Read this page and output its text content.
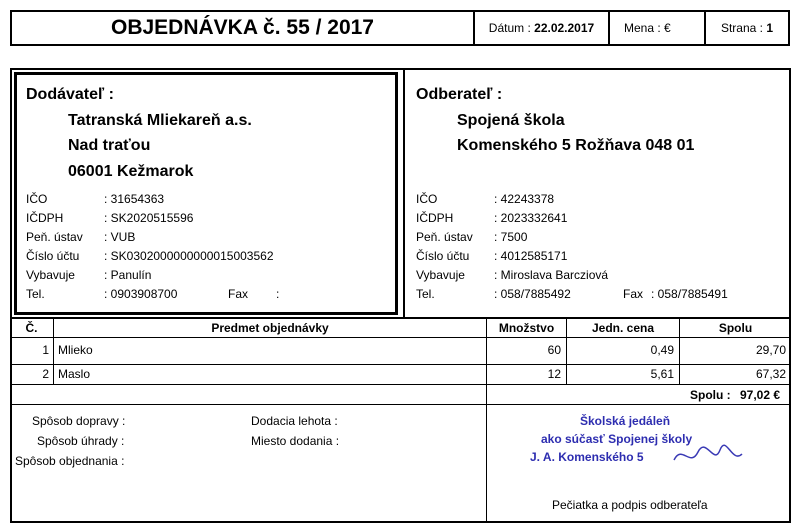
OBJEDNÁVKA č. 55 / 2017	Dátum :
22.02.2017 Mena :
€	Strana :
1
Dodávateľ :
Tatranská Mliekareň a.s.
Nad traťou
06001 Kežmarok
IČO	: 31654363
IČDPH	: SK2020515596
Peň. ústav	: VUB
Číslo účtu	: SK0302000000000015003562
Vybavuje	: Panulín
Tel.	: 0903908700	Fax	:
Odberateľ :
Spojená škola
Komenského 5 Rožňava 048 01
IČO	: 42243378
IČDPH	: 2023332641
Peň. ústav	: 7500
Číslo účtu	: 4012585171
Vybavuje	: Miroslava Barcziová
Tel.	: 058/7885492	Fax : 058/7885491
Č.	Predmet objednávky	Množstvo	Jedn. cena	Spolu
1 Mlieko	60	0,49	29,70
2 Maslo	12	5,61	67,32
Spolu : 97,02 €
Spôsob dopravy :
Spôsob úhrady :
Spôsob objednania :
Dodacia lehota :
Miesto dodania :
Školská jedáleň
ako súčasť Spojenej školy
J. A. Komenského 5
Pečiatka a podpis odberateľa
